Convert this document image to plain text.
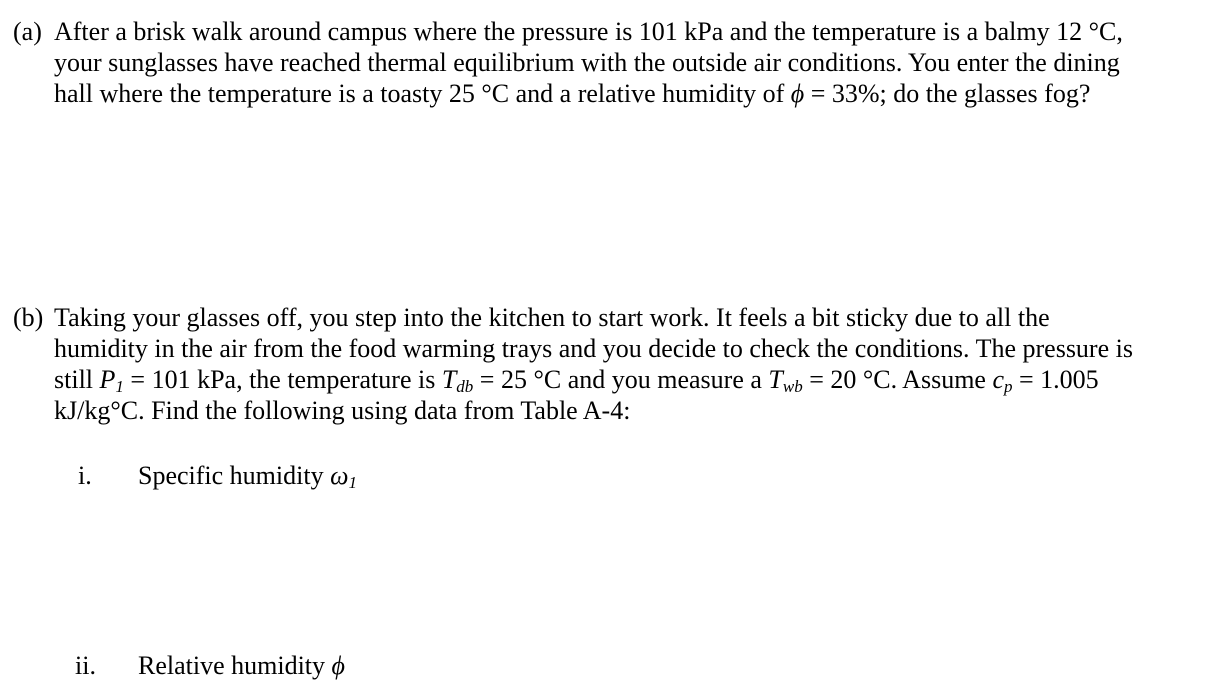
(a) After a brisk walk around campus where the pressure is 101 kPa and the temperature is a balmy 12 °C,
your sunglasses have reached thermal equilibrium with the outside air conditions. You enter the dining
hall where the temperature is a toasty 25 °C and a relative humidity of ϕ = 33%; do the glasses fog?
(b) Taking your glasses off, you step into the kitchen to start work. It feels a bit sticky due to all the
humidity in the air from the food warming trays and you decide to check the conditions. The pressure is
still $P_1 = 101$ kPa, the temperature is $T_{db} = 25$ °C and you measure a $T_{wb} = 20$ °C. Assume $c_p = 1.005$
kJ/kg°C. Find the following using data from Table A-4:
i. Specific humidity $\omega_1$
ii. Relative humidity ϕ
